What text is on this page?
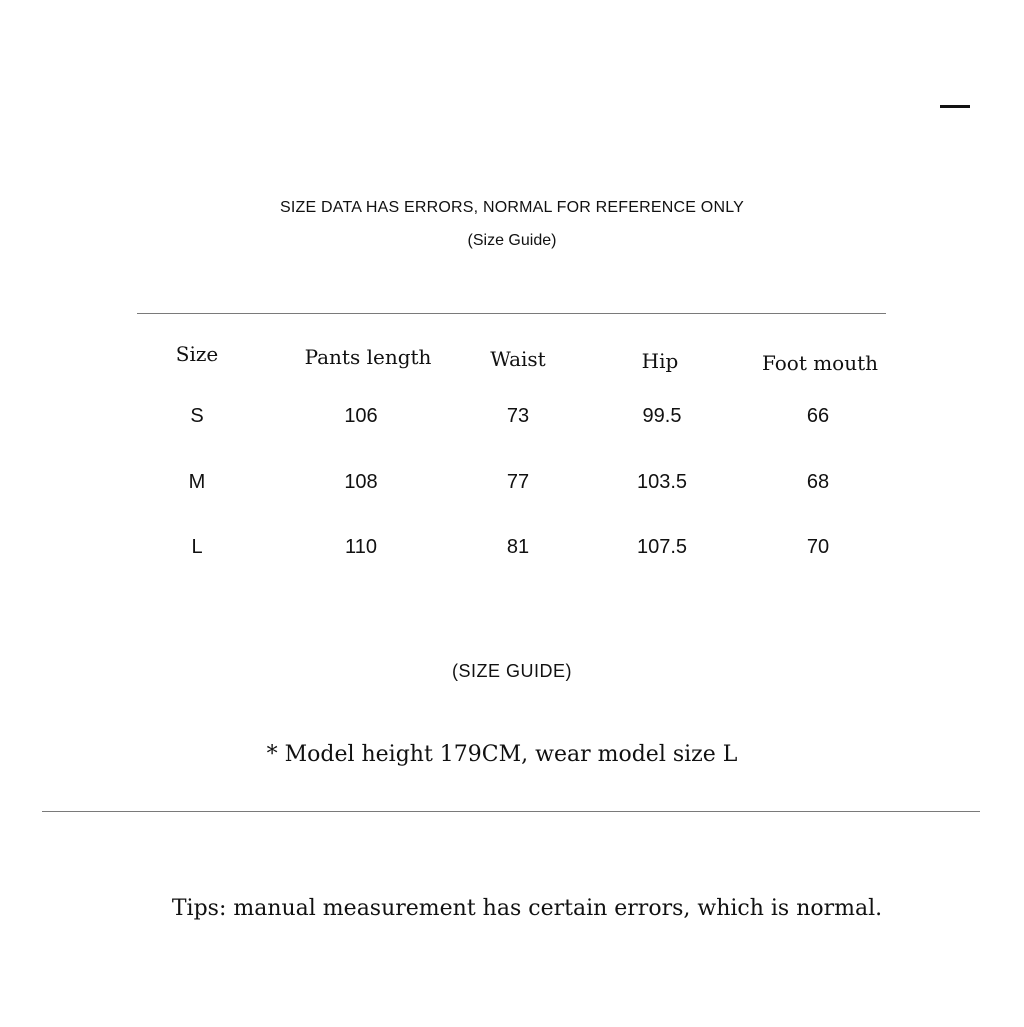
SIZE DATA HAS ERRORS, NORMAL FOR REFERENCE ONLY
(Size Guide)
Size	Pants length	Waist	Hip	Foot mouth
S	106	73	99.5	66
M	108	77	103.5	68
L	110	81	107.5	70
(SIZE GUIDE)
* Model height 179CM, wear model size L
Tips: manual measurement has certain errors, which is normal.
